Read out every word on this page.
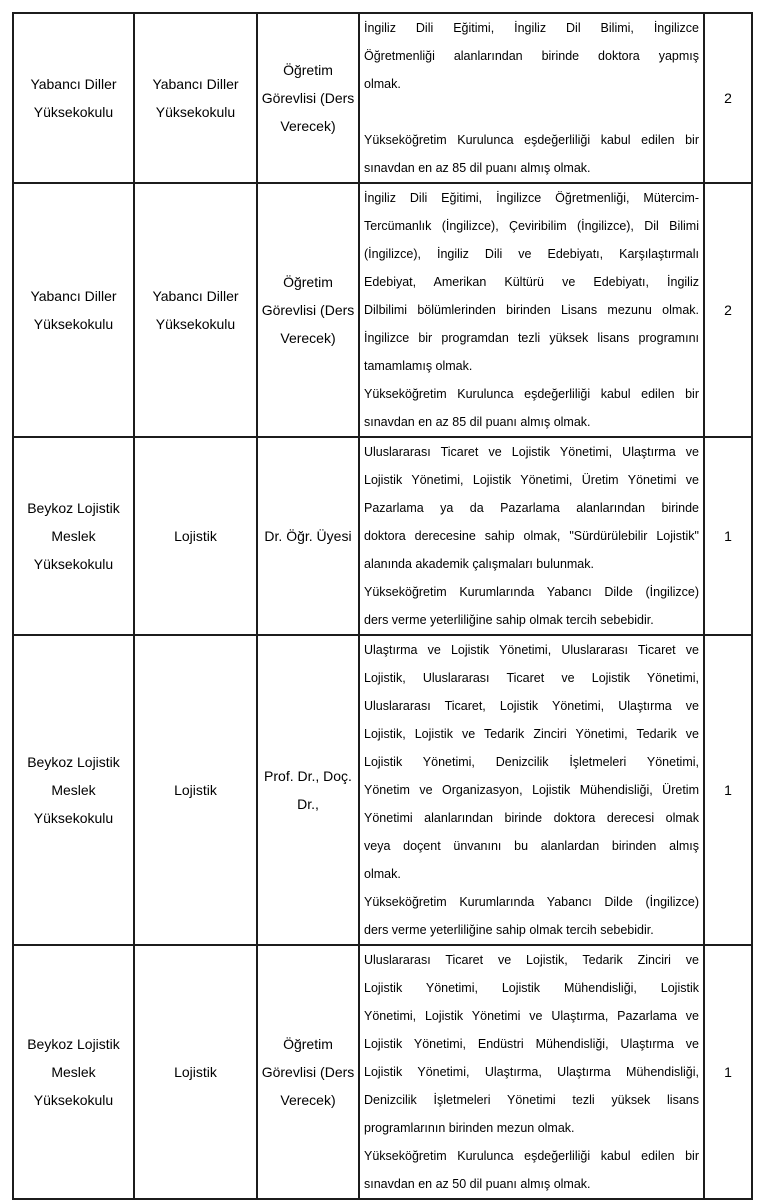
Yabancı Diller Yüksekokulu	Yabancı Diller Yüksekokulu	Öğretim Görevlisi (Ders Verecek)	İngiliz Dili Eğitimi, İngiliz Dil Bilimi, İngilizce
Öğretmenliği alanlarından birinde doktora yapmış
olmak.
Yükseköğretim Kurulunca eşdeğerliliği kabul edilen bir
sınavdan en az 85 dil puanı almış olmak.	2
Yabancı Diller Yüksekokulu	Yabancı Diller Yüksekokulu	Öğretim Görevlisi (Ders Verecek)	
İngiliz Dili Eğitimi, İngilizce Öğretmenliği, Mütercim-
Tercümanlık (İngilizce), Çeviribilim (İngilizce), Dil Bilimi
(İngilizce), İngiliz Dili ve Edebiyatı, Karşılaştırmalı
Edebiyat, Amerikan Kültürü ve Edebiyatı, İngiliz
Dilbilimi bölümlerinden birinden Lisans mezunu olmak.
İngilizce bir programdan tezli yüksek lisans programını
tamamlamış olmak.
Yükseköğretim Kurulunca eşdeğerliliği kabul edilen bir
sınavdan en az 85 dil puanı almış olmak.
	2
Beykoz Lojistik Meslek Yüksekokulu	Lojistik	Dr. Öğr. Üyesi	
Uluslararası Ticaret ve Lojistik Yönetimi, Ulaştırma ve
Lojistik Yönetimi, Lojistik Yönetimi, Üretim Yönetimi ve
Pazarlama ya da Pazarlama alanlarından birinde
doktora derecesine sahip olmak, "Sürdürülebilir Lojistik"
alanında akademik çalışmaları bulunmak.
Yükseköğretim Kurumlarında Yabancı Dilde (İngilizce)
ders verme yeterliliğine sahip olmak tercih sebebidir.
	1
Beykoz Lojistik Meslek Yüksekokulu	Lojistik	Prof. Dr., Doç. Dr.,	
Ulaştırma ve Lojistik Yönetimi, Uluslararası Ticaret ve
Lojistik, Uluslararası Ticaret ve Lojistik Yönetimi,
Uluslararası Ticaret, Lojistik Yönetimi, Ulaştırma ve
Lojistik, Lojistik ve Tedarik Zinciri Yönetimi, Tedarik ve
Lojistik Yönetimi, Denizcilik İşletmeleri Yönetimi,
Yönetim ve Organizasyon, Lojistik Mühendisliği, Üretim
Yönetimi alanlarından birinde doktora derecesi olmak
veya doçent ünvanını bu alanlardan birinden almış
olmak.
Yükseköğretim Kurumlarında Yabancı Dilde (İngilizce)
ders verme yeterliliğine sahip olmak tercih sebebidir.
	1
Beykoz Lojistik Meslek Yüksekokulu	Lojistik	Öğretim Görevlisi (Ders Verecek)	
Uluslararası Ticaret ve Lojistik, Tedarik Zinciri ve
Lojistik Yönetimi, Lojistik Mühendisliği, Lojistik
Yönetimi, Lojistik Yönetimi ve Ulaştırma, Pazarlama ve
Lojistik Yönetimi, Endüstri Mühendisliği, Ulaştırma ve
Lojistik Yönetimi, Ulaştırma, Ulaştırma Mühendisliği,
Denizcilik İşletmeleri Yönetimi tezli yüksek lisans
programlarının birinden mezun olmak.
Yükseköğretim Kurulunca eşdeğerliliği kabul edilen bir
sınavdan en az 50 dil puanı almış olmak.
	1
